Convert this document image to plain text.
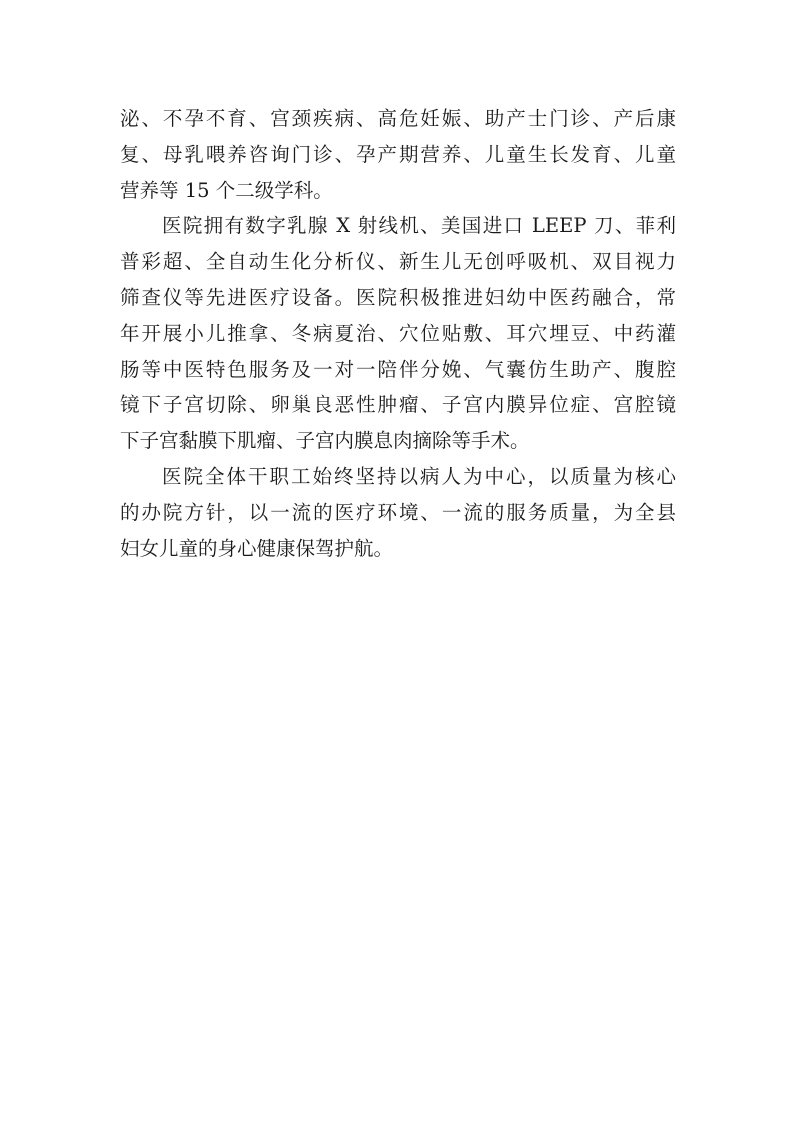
泌、不孕不育、宫颈疾病、高危妊娠、助产士门诊、产后康
复、母乳喂养咨询门诊、孕产期营养、儿童生长发育、儿童
营养等 15 个二级学科。
医院拥有数字乳腺 X 射线机、美国进口 LEEP 刀、菲利
普彩超、全自动生化分析仪、新生儿无创呼吸机、双目视力
筛查仪等先进医疗设备。医院积极推进妇幼中医药融合，常
年开展小儿推拿、冬病夏治、穴位贴敷、耳穴埋豆、中药灌
肠等中医特色服务及一对一陪伴分娩、气囊仿生助产、腹腔
镜下子宫切除、卵巢良恶性肿瘤、子宫内膜异位症、宫腔镜
下子宫黏膜下肌瘤、子宫内膜息肉摘除等手术。
医院全体干职工始终坚持以病人为中心，以质量为核心
的办院方针，以一流的医疗环境、一流的服务质量，为全县
妇女儿童的身心健康保驾护航。
